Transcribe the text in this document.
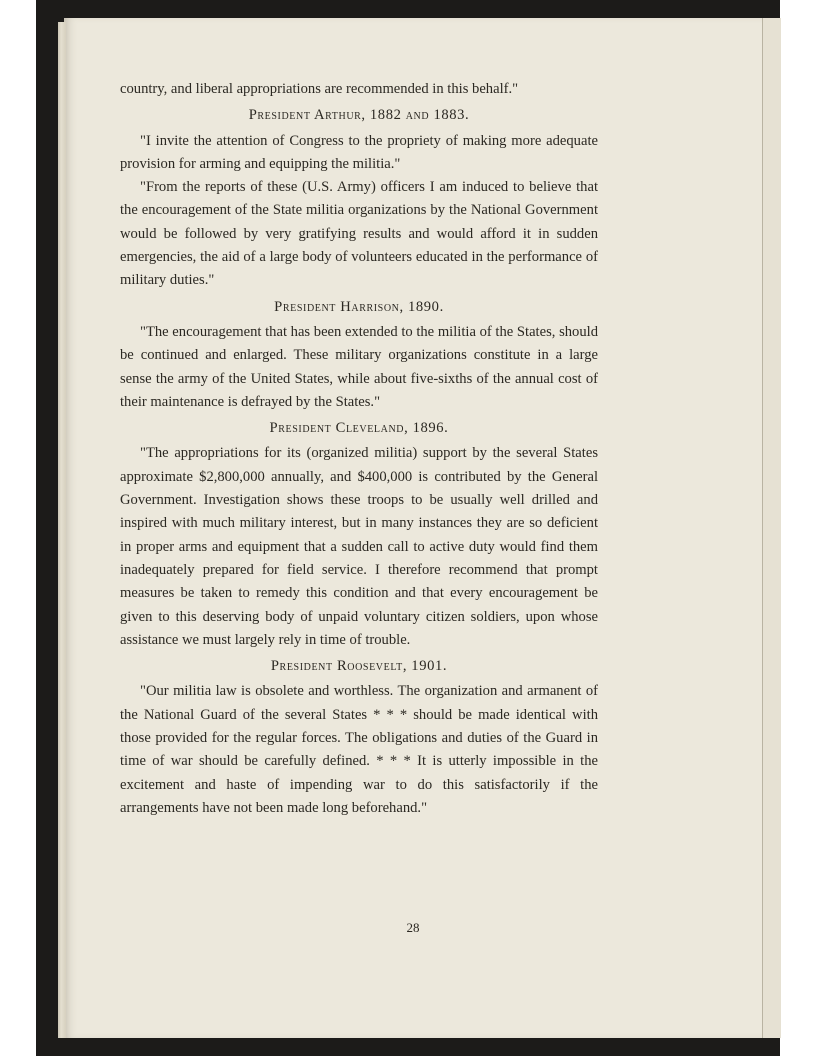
country, and liberal appropriations are recommended in this behalf."

President Arthur, 1882 and 1883.

"I invite the attention of Congress to the propriety of making more adequate provision for arming and equipping the militia."

"From the reports of these (U.S. Army) officers I am induced to believe that the encouragement of the State militia organizations by the National Government would be followed by very gratifying results and would afford it in sudden emergencies, the aid of a large body of volunteers educated in the performance of military duties."

President Harrison, 1890.

"The encouragement that has been extended to the militia of the States, should be continued and enlarged. These military organizations constitute in a large sense the army of the United States, while about five-sixths of the annual cost of their maintenance is defrayed by the States."

President Cleveland, 1896.

"The appropriations for its (organized militia) support by the several States approximate $2,800,000 annually, and $400,000 is contributed by the General Government. Investigation shows these troops to be usually well drilled and inspired with much military interest, but in many instances they are so deficient in proper arms and equipment that a sudden call to active duty would find them inadequately prepared for field service. I therefore recommend that prompt measures be taken to remedy this condition and that every encouragement be given to this deserving body of unpaid voluntary citizen soldiers, upon whose assistance we must largely rely in time of trouble.

President Roosevelt, 1901.

"Our militia law is obsolete and worthless. The organization and armanent of the National Guard of the several States * * * should be made identical with those provided for the regular forces. The obligations and duties of the Guard in time of war should be carefully defined. * * * It is utterly impossible in the excitement and haste of impending war to do this satisfactorily if the arrangements have not been made long beforehand."

28
